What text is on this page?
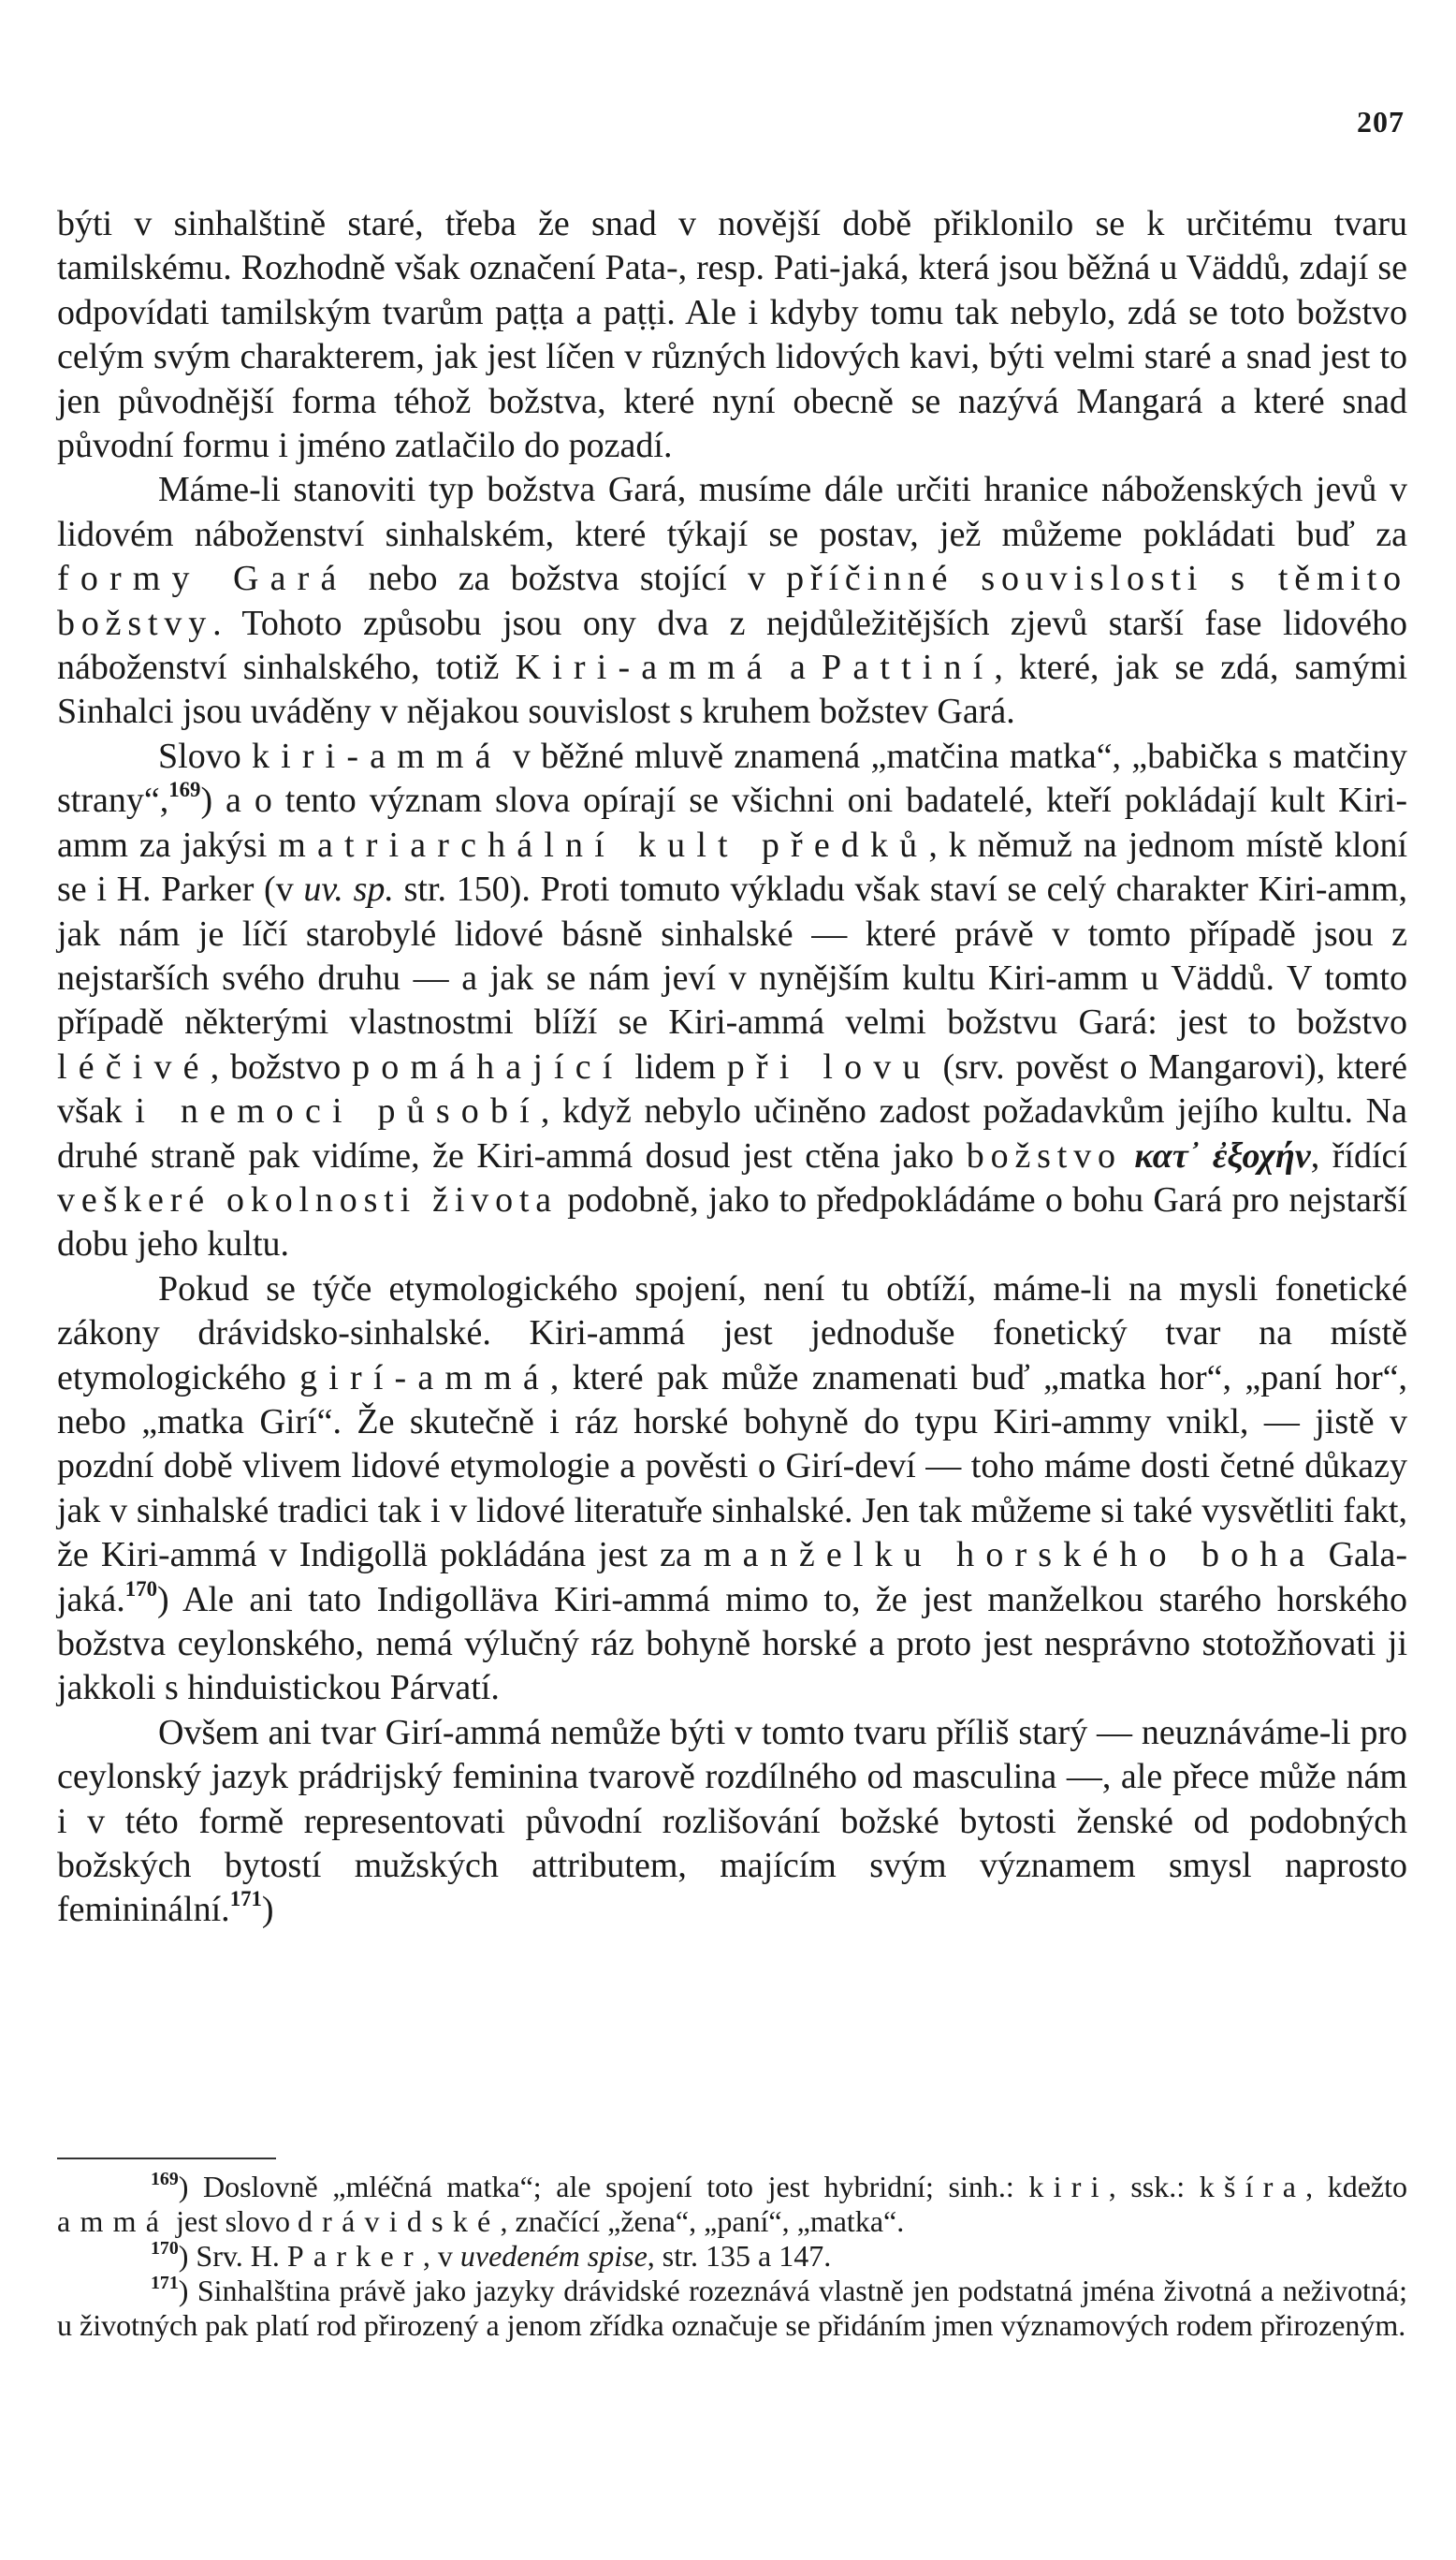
207

býti v sinhalštině staré, třeba že snad v novější době přiklonilo se k určitému tvaru tamilskému. Rozhodně však označení Pata-, resp. Pati-jaká, která jsou běžná u Väddů, zdají se odpovídati tamilským tvarům paṭṭa a paṭṭi. Ale i kdyby tomu tak nebylo, zdá se toto božstvo celým svým charakterem, jak jest líčen v různých lidových kavi, býti velmi staré a snad jest to jen původnější forma téhož božstva, které nyní obecně se nazývá Mangará a které snad původní formu i jméno zatlačilo do pozadí.

Máme-li stanoviti typ božstva Gará, musíme dále určiti hranice náboženských jevů v lidovém náboženství sinhalském, které týkají se postav, jež můžeme pokládati buď za formy Gará nebo za božstva stojící v příčinné souvislosti s těmito božstvy. Tohoto způsobu jsou ony dva z nejdůležitějších zjevů starší fase lidového náboženství sinhalského, totiž Kiri-ammá a Pattiní, které, jak se zdá, samými Sinhalci jsou uváděny v nějakou souvislost s kruhem božstev Gará.

Slovo kiri-ammá v běžné mluvě znamená „matčina matka“, „babička s matčiny strany“,$^{169}$) a o tento význam slova opírají se všichni oni badatelé, kteří pokládají kult Kiri-amm za jakýsi matriarchální kult předků, k němuž na jednom místě kloní se i H. Parker (v uv. sp. str. 150). Proti tomuto výkladu však staví se celý charakter Kiri-amm, jak nám je líčí starobylé lidové básně sinhalské — které právě v tomto případě jsou z nejstarších svého druhu — a jak se nám jeví v nynějším kultu Kiri-amm u Väddů. V tomto případě některými vlastnostmi blíží se Kiri-ammá velmi božstvu Gará: jest to božstvo léčivé, božstvo pomáhající lidem při lovu (srv. pověst o Mangarovi), které však i nemoci působí, když nebylo učiněno zadost požadavkům jejího kultu. Na druhé straně pak vidíme, že Kiri-ammá dosud jest ctěna jako božstvo κατ᾽ ἐξοχήν, řídící veškeré okolnosti života podobně, jako to předpokládáme o bohu Gará pro nejstarší dobu jeho kultu.

Pokud se týče etymologického spojení, není tu obtíží, máme-li na mysli fonetické zákony drávidsko-sinhalské. Kiri-ammá jest jednoduše fonetický tvar na místě etymologického girí-ammá, které pak může znamenati buď „matka hor“, „paní hor“, nebo „matka Girí“. Že skutečně i ráz horské bohyně do typu Kiri-ammy vnikl, — jistě v pozdní době vlivem lidové etymologie a pověsti o Girí-deví — toho máme dosti četné důkazy jak v sinhalské tradici tak i v lidové literatuře sinhalské. Jen tak můžeme si také vysvětliti fakt, že Kiri-ammá v Indigollä pokládána jest za manželku horského boha Gala-jaká.$^{170}$) Ale ani tato Indigolläva Kiri-ammá mimo to, že jest manželkou starého horského božstva ceylonského, nemá výlučný ráz bohyně horské a proto jest nesprávno stotožňovati ji jakkoli s hinduistickou Párvatí.

Ovšem ani tvar Girí-ammá nemůže býti v tomto tvaru příliš starý — neuznáváme-li pro ceylonský jazyk prádrijský feminina tvarově rozdílného od masculina —, ale přece může nám i v této formě representovati původní rozlišování božské bytosti ženské od podobných božských bytostí mužských attributem, majícím svým významem smysl naprosto femininální.$^{171}$)

$^{169}$) Doslovně „mléčná matka“; ale spojení toto jest hybridní; sinh.: kiri, ssk.: kšíra, kdežto ammá jest slovo drávidské, značící „žena“, „paní“, „matka“.

$^{170}$) Srv. H. Parker, v uvedeném spise, str. 135 a 147.

$^{171}$) Sinhalština právě jako jazyky drávidské rozeznává vlastně jen podstatná jména životná a neživotná; u životných pak platí rod přirozený a jenom zřídka označuje se přidáním jmen významových rodem přirozeným.
